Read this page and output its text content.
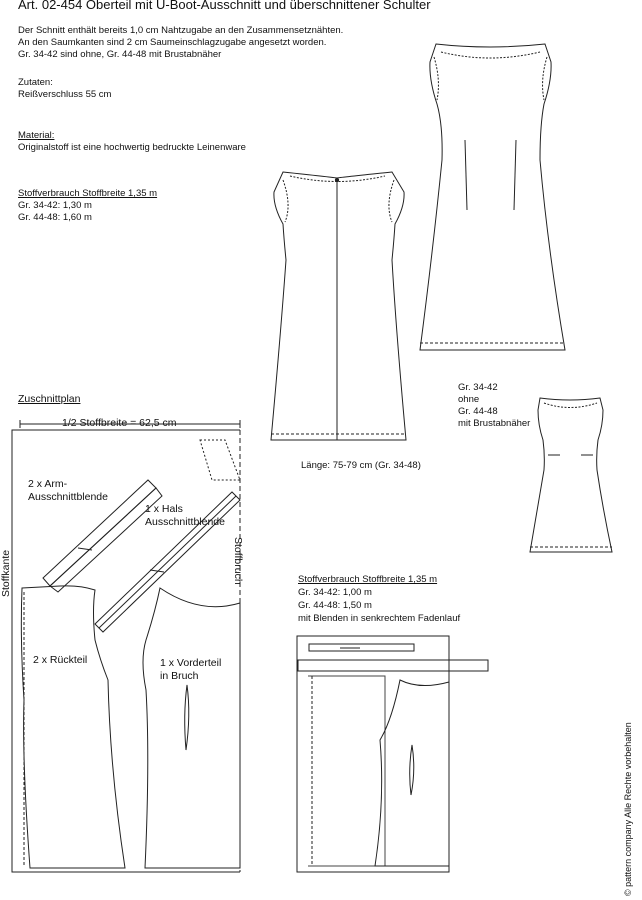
Art. 02-454 Oberteil mit U-Boot-Ausschnitt und überschnittener Schulter
Der Schnitt enthält bereits 1,0 cm Nahtzugabe an den Zusammensetznähten.
An den Saumkanten sind 2 cm Saumeinschlagzugabe angesetzt worden.
Gr. 34-42 sind ohne, Gr. 44-48 mit Brustabnäher
Zutaten:
Reißverschluss 55 cm
Material:
Originalstoff ist eine hochwertig bedruckte Leinenware
Stoffverbrauch Stoffbreite 1,35 m
Gr. 34-42: 1,30 m
Gr. 44-48: 1,60 m
Länge: 75-79 cm (Gr. 34-48)
Gr. 34-42
ohne
Gr. 44-48
mit Brustabnäher
Zuschnittplan
1/2 Stoffbreite = 62,5 cm
2 x Arm-
Ausschnittblende
1 x Hals
Ausschnittblende
2 x Rückteil	1 x Vorderteil
in Bruch
Stoffbruch
Stoffkante	Stoffverbrauch Stoffbreite 1,35 m
Gr. 34-42: 1,00 m
Gr. 44-48: 1,50 m
mit Blenden in senkrechtem Fadenlauf
© pattern company Alle Rechte vorbehalten
